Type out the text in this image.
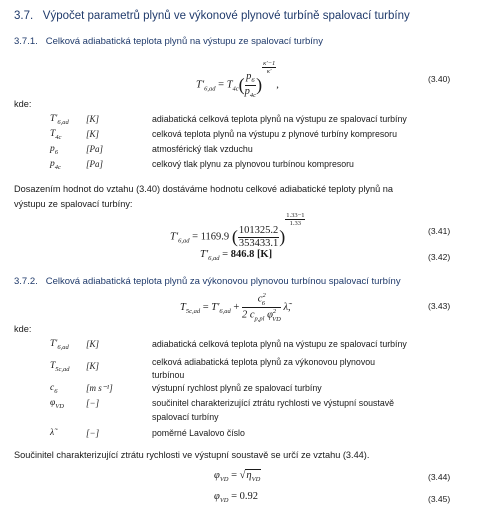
3.7. Výpočet parametrů plynů ve výkonové plynové turbíně spalovací turbíny
3.7.1. Celková adiabatická teplota plynů na výstupu ze spalovací turbíny
$T'_{6,ad} = T_{4c}( \frac{p_6}{p_{4c}}$ )
$\frac{\kappa'-1}{\kappa'}$
,
(3.40)
kde:
$T'_{6,ad}$ [K]	adiabatická celková teplota plynů na výstupu ze spalovací turbíny
$T_{4c}$	[K]	celková teplota plynů na výstupu z plynové turbíny kompresoru
$p_6$	[Pa]	atmosférický tlak vzduchu
$p_{4c}$	[Pa]	celkový tlak plynu za plynovou turbínou kompresoru
Dosazením hodnot do vztahu (3.40) dostáváme hodnotu celkové adiabatické teploty plynů na
výstupu ze spalovací turbíny:
$T'_{6,ad} = 1169.9$ ( $\frac{101325.2}{353433.1}$ )
$\frac{1.33-1}{1.33}$
(3.41)
$T'_{6,ad} = 846.8$ [K]	(3.42)
3.7.2. Celková adiabatická teplota plynů za výkonovou plynovou turbínou spalovací turbíny
$T_{5c,ad} = T'_{6,ad} + \frac{c^2_6}{2 c_{p,pl} \varphi^2_{VD}}$ λ̃,	(3.43)
kde:
$T'_{6,ad}$ [K]	adiabatická celková teplota plynů na výstupu ze spalovací turbíny
$T_{5c,ad}$ [K]	celková adiabatická teplota plynů za výkonovou plynovou
turbínou
$c_6$	[m s⁻¹]	výstupní rychlost plynů ze spalovací turbíny
$\varphi_{VD}$ [−]	součinitel charakterizující ztrátu rychlosti ve výstupní soustavě
spalovací turbíny
λ̃	[−]	poměrné Lavalovo číslo
Součinitel charakterizující ztrátu rychlosti ve výstupní soustavě se určí ze vztahu (3.44).
$\varphi_{VD} = √\eta_{VD}$	(3.44)
$\varphi_{VD} = 0.92$	(3.45)
